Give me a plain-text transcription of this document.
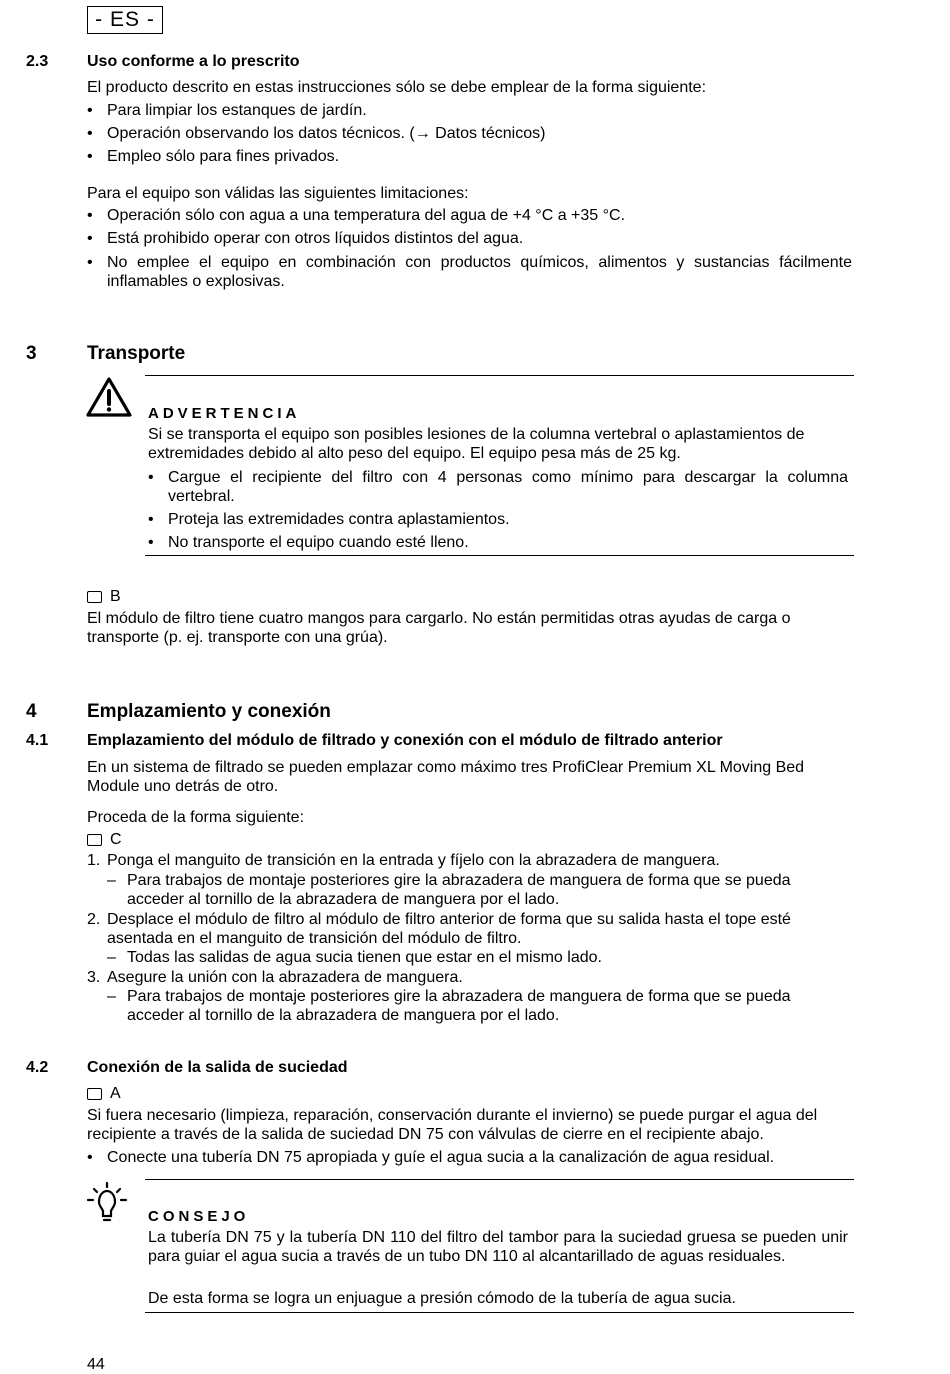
- ES -
2.3 Uso conforme a lo prescrito
El producto descrito en estas instrucciones sólo se debe emplear de la forma siguiente:
• Para limpiar los estanques de jardín.
• Operación observando los datos técnicos. (→ Datos técnicos)
• Empleo sólo para fines privados.
Para el equipo son válidas las siguientes limitaciones:
• Operación sólo con agua a una temperatura del agua de +4 °C a +35 °C.
• Está prohibido operar con otros líquidos distintos del agua.
• No emplee el equipo en combinación con productos químicos, alimentos y sustancias fácilmente inflamables o explosivas.
3	Transporte
ADVERTENCIA
Si se transporta el equipo son posibles lesiones de la columna vertebral o aplastamientos de extremidades debido al alto peso del equipo. El equipo pesa más de 25 kg.
• Cargue el recipiente del filtro con 4 personas como mínimo para descargar la columna vertebral.
• Proteja las extremidades contra aplastamientos.
• No transporte el equipo cuando esté lleno.
B
El módulo de filtro tiene cuatro mangos para cargarlo. No están permitidas otras ayudas de carga o transporte (p. ej. transporte con una grúa).
4	Emplazamiento y conexión
4.1 Emplazamiento del módulo de filtrado y conexión con el módulo de filtrado anterior
En un sistema de filtrado se pueden emplazar como máximo tres ProfiClear Premium XL Moving Bed Module uno detrás de otro.
Proceda de la forma siguiente:
C
1. Ponga el manguito de transición en la entrada y fíjelo con la abrazadera de manguera.
– Para trabajos de montaje posteriores gire la abrazadera de manguera de forma que se pueda acceder al tornillo de la abrazadera de manguera por el lado.
2. Desplace el módulo de filtro al módulo de filtro anterior de forma que su salida hasta el tope esté asentada en el manguito de transición del módulo de filtro.
– Todas las salidas de agua sucia tienen que estar en el mismo lado.
3. Asegure la unión con la abrazadera de manguera.
– Para trabajos de montaje posteriores gire la abrazadera de manguera de forma que se pueda acceder al tornillo de la abrazadera de manguera por el lado.
4.2 Conexión de la salida de suciedad
A
Si fuera necesario (limpieza, reparación, conservación durante el invierno) se puede purgar el agua del recipiente a través de la salida de suciedad DN 75 con válvulas de cierre en el recipiente abajo.
• Conecte una tubería DN 75 apropiada y guíe el agua sucia a la canalización de agua residual.
CONSEJO
La tubería DN 75 y la tubería DN 110 del filtro del tambor para la suciedad gruesa se pueden unir para guiar el agua sucia a través de un tubo DN 110 al alcantarillado de aguas residuales.
De esta forma se logra un enjuague a presión cómodo de la tubería de agua sucia.
44
